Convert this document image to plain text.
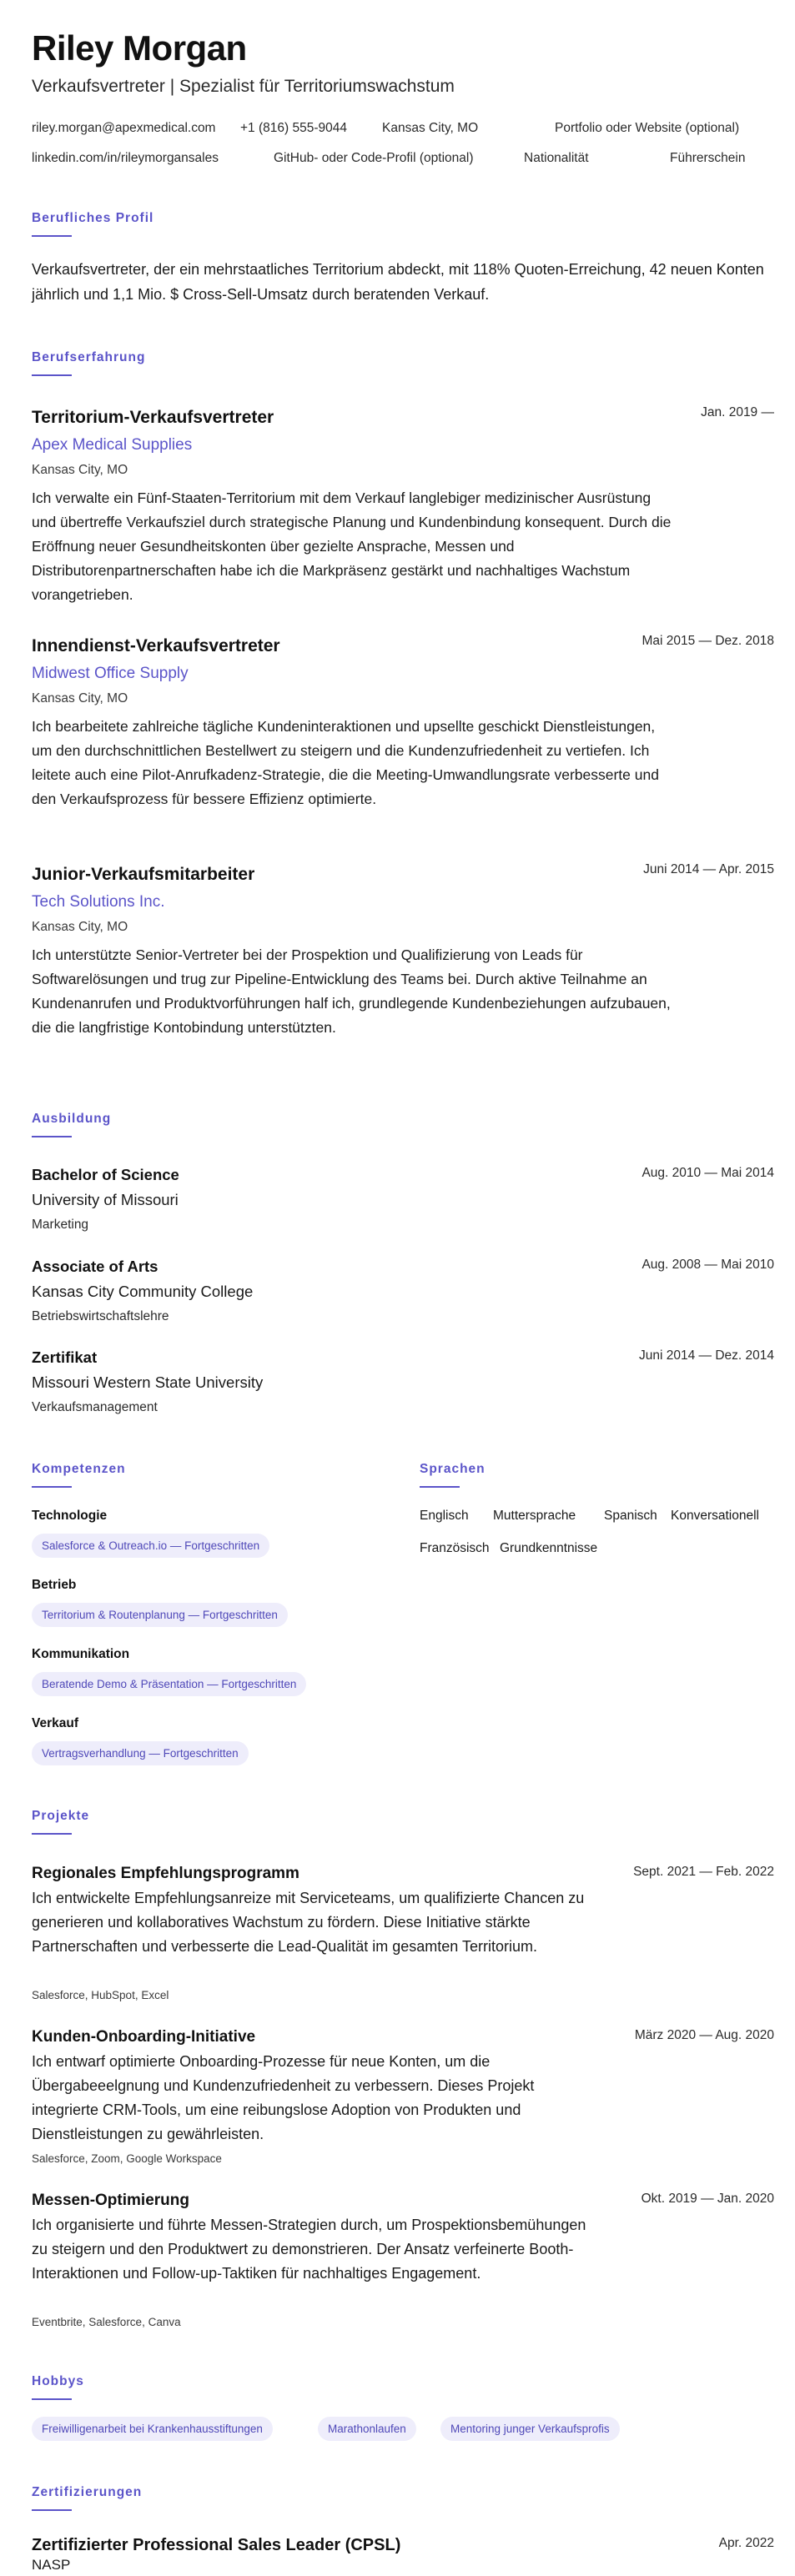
Riley Morgan
Verkaufsvertreter | Spezialist für Territoriumswachstum
riley.morgan@apexmedical.com +1 (816) 555-9044	Kansas City, MO	Portfolio oder Website (optional)
linkedin.com/in/rileymorgansales	GitHub- oder Code-Profil (optional)	Nationalität	Führerschein
Berufliches Profil
Verkaufsvertreter, der ein mehrstaatliches Territorium abdeckt, mit 118% Quoten-Erreichung, 42 neuen Konten jährlich und 1,1 Mio. $ Cross-Sell-Umsatz durch beratenden Verkauf.
Berufserfahrung
Territorium-Verkaufsvertreter	Jan. 2019 —
Apex Medical Supplies
Kansas City, MO
Ich verwalte ein Fünf-Staaten-Territorium mit dem Verkauf langlebiger medizinischer Ausrüstung und übertreffe Verkaufsziel durch strategische Planung und Kundenbindung konsequent. Durch die Eröffnung neuer Gesundheitskonten über gezielte Ansprache, Messen und Distributorenpartnerschaften habe ich die Markpräsenz gestärkt und nachhaltiges Wachstum vorangetrieben.
Innendienst-Verkaufsvertreter	Mai 2015 — Dez. 2018
Midwest Office Supply
Kansas City, MO
Ich bearbeitete zahlreiche tägliche Kundeninteraktionen und upsellte geschickt Dienstleistungen, um den durchschnittlichen Bestellwert zu steigern und die Kundenzufriedenheit zu vertiefen. Ich leitete auch eine Pilot-Anrufkadenz-Strategie, die die Meeting-Umwandlungsrate verbesserte und den Verkaufsprozess für bessere Effizienz optimierte.
Junior-Verkaufsmitarbeiter	Juni 2014 — Apr. 2015
Tech Solutions Inc.
Kansas City, MO
Ich unterstützte Senior-Vertreter bei der Prospektion und Qualifizierung von Leads für Softwarelösungen und trug zur Pipeline-Entwicklung des Teams bei. Durch aktive Teilnahme an Kundenanrufen und Produktvorführungen half ich, grundlegende Kundenbeziehungen aufzubauen, die die langfristige Kontobindung unterstützten.
Ausbildung
Bachelor of Science	Aug. 2010 — Mai 2014
University of Missouri
Marketing
Associate of Arts	Aug. 2008 — Mai 2010
Kansas City Community College
Betriebswirtschaftslehre
Zertifikat	Juni 2014 — Dez. 2014
Missouri Western State University
Verkaufsmanagement
Kompetenzen
Technologie
Salesforce & Outreach.io — Fortgeschritten
Betrieb
Territorium & Routenplanung — Fortgeschritten
Kommunikation
Beratende Demo & Präsentation — Fortgeschritten
Verkauf
Vertragsverhandlung — Fortgeschritten
Sprachen
Englisch Muttersprache Spanisch Konversationell
Französisch Grundkenntnisse
Projekte
Regionales Empfehlungsprogramm	Sept. 2021 — Feb. 2022
Ich entwickelte Empfehlungsanreize mit Serviceteams, um qualifizierte Chancen zu generieren und kollaboratives Wachstum zu fördern. Diese Initiative stärkte Partnerschaften und verbesserte die Lead-Qualität im gesamten Territorium.
Salesforce, HubSpot, Excel
Kunden-Onboarding-Initiative	März 2020 — Aug. 2020
Ich entwarf optimierte Onboarding-Prozesse für neue Konten, um die Übergabeeelgnung und Kundenzufriedenheit zu verbessern. Dieses Projekt integrierte CRM-Tools, um eine reibungslose Adoption von Produkten und Dienstleistungen zu gewährleisten.
Salesforce, Zoom, Google Workspace
Messen-Optimierung	Okt. 2019 — Jan. 2020
Ich organisierte und führte Messen-Strategien durch, um Prospektionsbemühungen zu steigern und den Produktwert zu demonstrieren. Der Ansatz verfeinerte Booth-Interaktionen und Follow-up-Taktiken für nachhaltiges Engagement.
Eventbrite, Salesforce, Canva
Hobbys
Freiwilligenarbeit bei Krankenhausstiftungen	Marathonlaufen	Mentoring junger Verkaufsprofis
Zertifizierungen
Zertifizierter Professional Sales Leader (CPSL)	Apr. 2022
NASP
